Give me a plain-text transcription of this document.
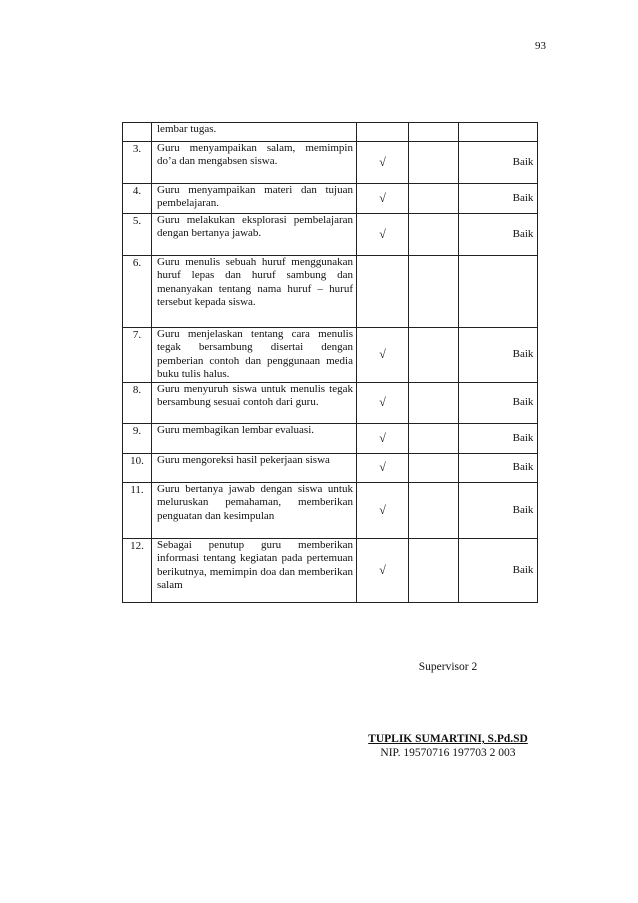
93
	lembar tugas.			
3.	Guru menyampaikan salam, memimpin do’a dan mengabsen siswa.	√		Baik
4.	Guru menyampaikan materi dan tujuan pembelajaran.	√		Baik
5.	Guru melakukan eksplorasi pembelajaran dengan bertanya jawab.	√		Baik
6.	Guru menulis sebuah huruf menggunakan huruf lepas dan huruf sambung dan menanyakan tentang nama huruf – huruf tersebut kepada siswa.			
7.	Guru menjelaskan tentang cara menulis tegak bersambung disertai dengan pemberian contoh dan penggunaan media buku tulis halus.	√		Baik
8.	Guru menyuruh siswa untuk menulis tegak bersambung sesuai contoh dari guru.	√		Baik
9.	Guru membagikan lembar evaluasi.	√		Baik
10.	Guru mengoreksi hasil pekerjaan siswa	√		Baik
11.	Guru bertanya jawab dengan siswa untuk meluruskan pemahaman, memberikan penguatan dan kesimpulan	√		Baik
12.	Sebagai penutup guru memberikan informasi tentang kegiatan pada pertemuan berikutnya, memimpin doa dan memberikan salam	√		Baik
Supervisor 2
TUPLIK SUMARTINI, S.Pd.SD
NIP. 19570716 197703 2 003
